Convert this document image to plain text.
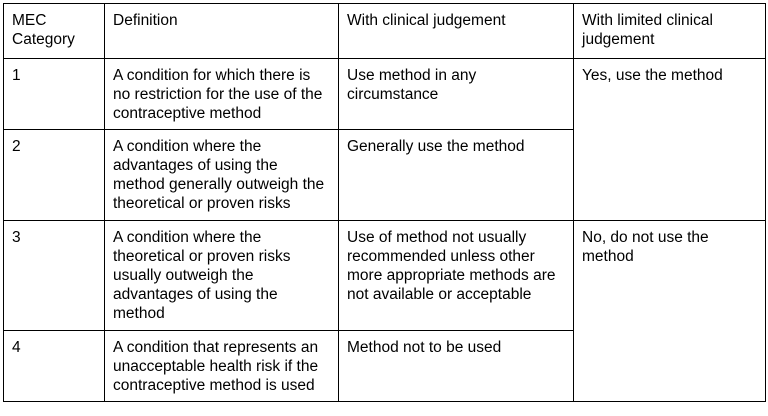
MEC Category	Definition	With clinical judgement	With limited clinical judgement
1	A condition for which there is no restriction for the use of the contraceptive method	Use method in any circumstance	Yes, use the method
2	A condition where the advantages of using the method generally outweigh the theoretical or proven risks	Generally use the method	
3	A condition where the theoretical or proven risks usually outweigh the advantages of using the method	Use of method not usually recommended unless other more appropriate methods are not available or acceptable	No, do not use the method
4	A condition that represents an unacceptable health risk if the contraceptive method is used	Method not to be used	
